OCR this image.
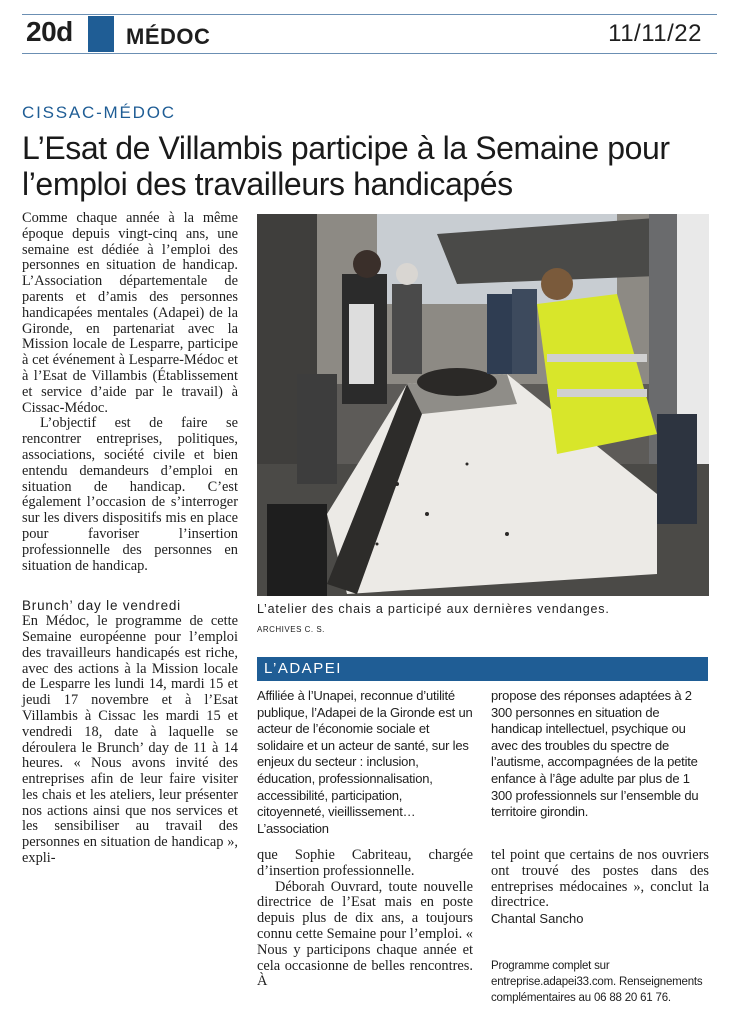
20d MÉDOC	11/11/22
CISSAC-MÉDOC
L’Esat de Villambis participe à la Semaine pour l’emploi des travailleurs handicapés

Comme chaque année à la même époque depuis vingt-cinq ans, une semaine est dédiée à l’emploi des personnes en situation de handicap. L’Association départementale de parents et d’amis des personnes handicapées mentales (Adapei) de la Gironde, en partenariat avec la Mission locale de Lesparre, participe à cet événement à Lesparre-Médoc et à l’Esat de Villambis (Établissement et service d’aide par le travail) à Cissac-Médoc.

L’objectif est de faire se rencontrer entreprises, politiques, associations, société civile et bien entendu demandeurs d’emploi en situation de handicap. C’est également l’occasion de s’interroger sur les divers dispositifs mis en place pour favoriser l’insertion professionnelle des personnes en situation de handicap.

Brunch’ day le vendredi

En Médoc, le programme de cette Semaine européenne pour l’emploi des travailleurs handicapés est riche, avec des actions à la Mission locale de Lesparre les lundi 14, mardi 15 et jeudi 17 novembre et à l’Esat Villambis à Cissac les mardi 15 et vendredi 18, date à laquelle se déroulera le Brunch’ day de 11 à 14 heures. « Nous avons invité des entreprises afin de leur faire visiter les chais et les ateliers, leur présenter nos actions ainsi que nos services et les sensibiliser au travail des personnes en situation de handicap », expli-

L’atelier des chais a participé aux dernières vendanges.
ARCHIVES C. S.
L’ADAPEI
Affiliée à l’Unapei, reconnue d’utilité publique, l’Adapei de la Gironde est un acteur de l’économie sociale et solidaire et un acteur de santé, sur les enjeux du secteur : inclusion, éducation, professionnalisation, accessibilité, participation, citoyenneté, vieillissement… L’association
propose des réponses adaptées à 2 300 personnes en situation de handicap intellectuel, psychique ou avec des troubles du spectre de l’autisme, accompagnées de la petite enfance à l’âge adulte par plus de 1 300 professionnels sur l’ensemble du territoire girondin.

que Sophie Cabriteau, chargée d’insertion professionnelle.

Déborah Ouvrard, toute nouvelle directrice de l’Esat mais en poste depuis plus de dix ans, a toujours connu cette Semaine pour l’emploi. « Nous y participons chaque année et cela occasionne de belles rencontres. À

tel point que certains de nos ouvriers ont trouvé des postes dans des entreprises médocaines », conclut la directrice.

Chantal Sancho

Programme complet sur entreprise.adapei33.com. Renseignements complémentaires au 06 88 20 61 76.
